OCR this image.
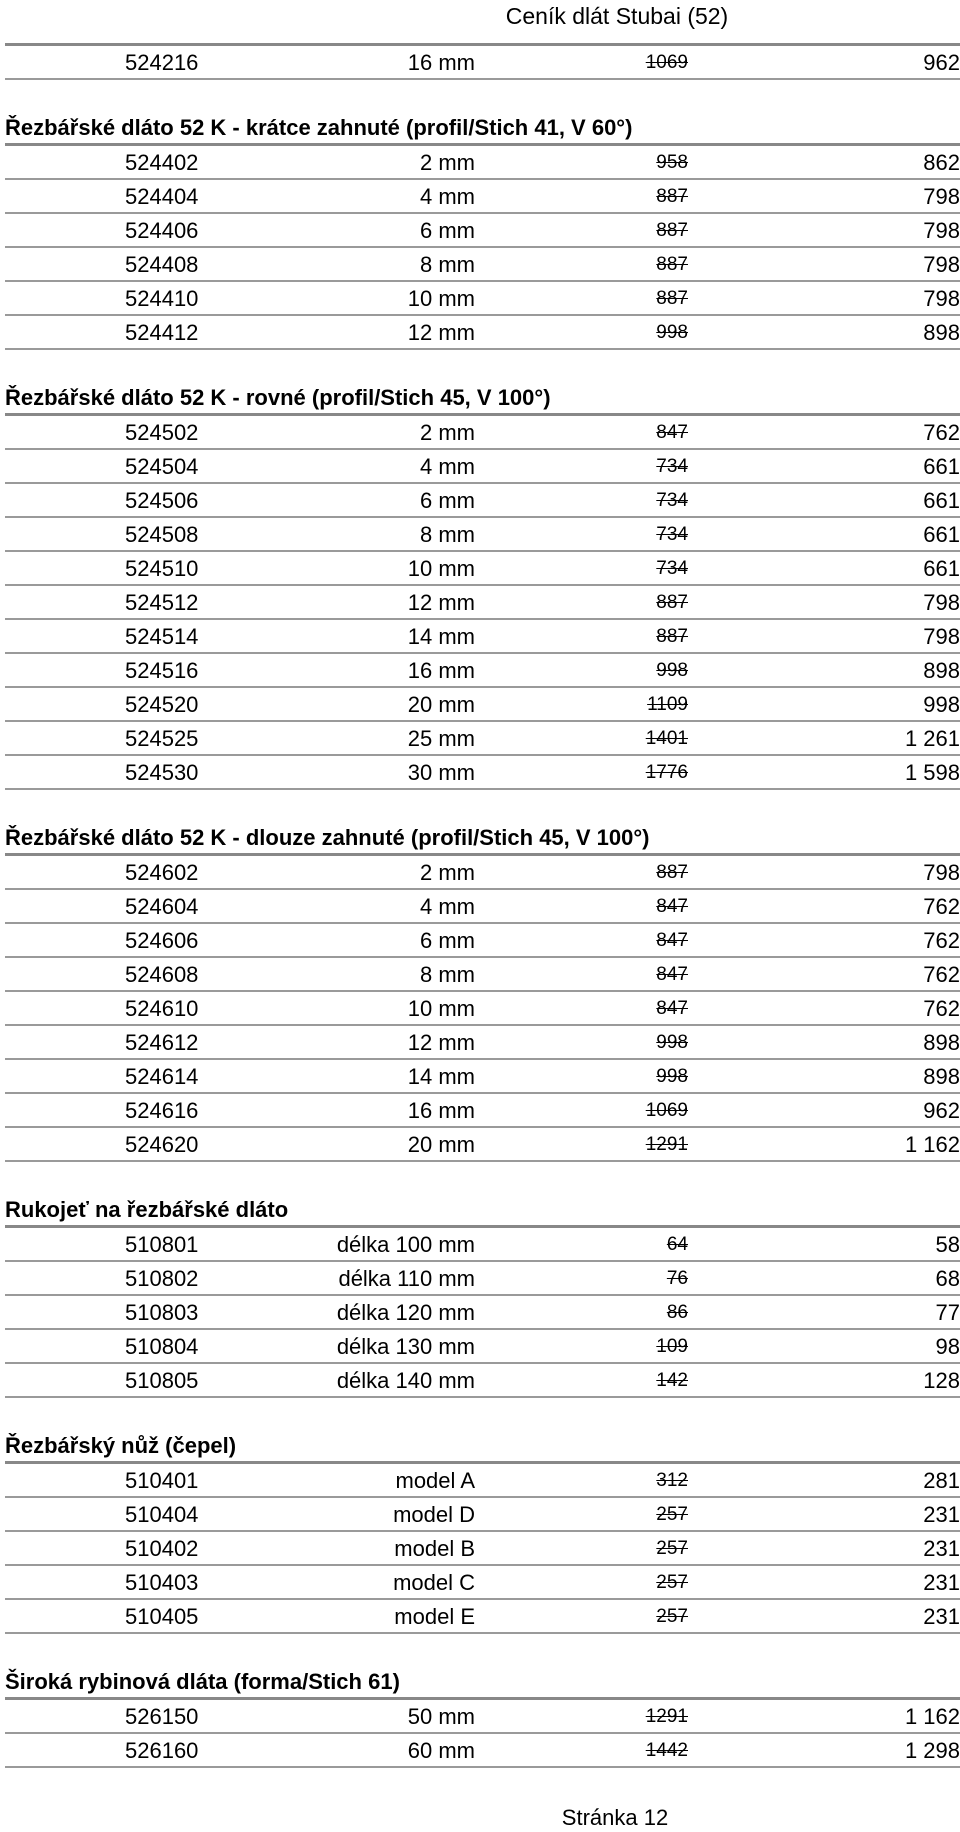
Ceník dlát Stubai (52)
524216	16 mm	1069	962
Řezbářské dláto 52 K - krátce zahnuté (profil/Stich 41, V 60°)
524402	2 mm	958	862
524404	4 mm	887	798
524406	6 mm	887	798
524408	8 mm	887	798
524410	10 mm	887	798
524412	12 mm	998	898
Řezbářské dláto 52 K - rovné (profil/Stich 45, V 100°)
524502	2 mm	847	762
524504	4 mm	734	661
524506	6 mm	734	661
524508	8 mm	734	661
524510	10 mm	734	661
524512	12 mm	887	798
524514	14 mm	887	798
524516	16 mm	998	898
524520	20 mm	1109	998
524525	25 mm	1401	1 261
524530	30 mm	1776	1 598
Řezbářské dláto 52 K - dlouze zahnuté (profil/Stich 45, V 100°)
524602	2 mm	887	798
524604	4 mm	847	762
524606	6 mm	847	762
524608	8 mm	847	762
524610	10 mm	847	762
524612	12 mm	998	898
524614	14 mm	998	898
524616	16 mm	1069	962
524620	20 mm	1291	1 162
Rukojeť na řezbářské dláto
510801	délka 100 mm	64	58
510802	délka 110 mm	76	68
510803	délka 120 mm	86	77
510804	délka 130 mm	109	98
510805	délka 140 mm	142	128
Řezbářský nůž (čepel)
510401	model A	312	281
510404	model D	257	231
510402	model B	257	231
510403	model C	257	231
510405	model E	257	231
Široká rybinová dláta (forma/Stich 61)
526150	50 mm	1291	1 162
526160	60 mm	1442	1 298
Stránka 12
